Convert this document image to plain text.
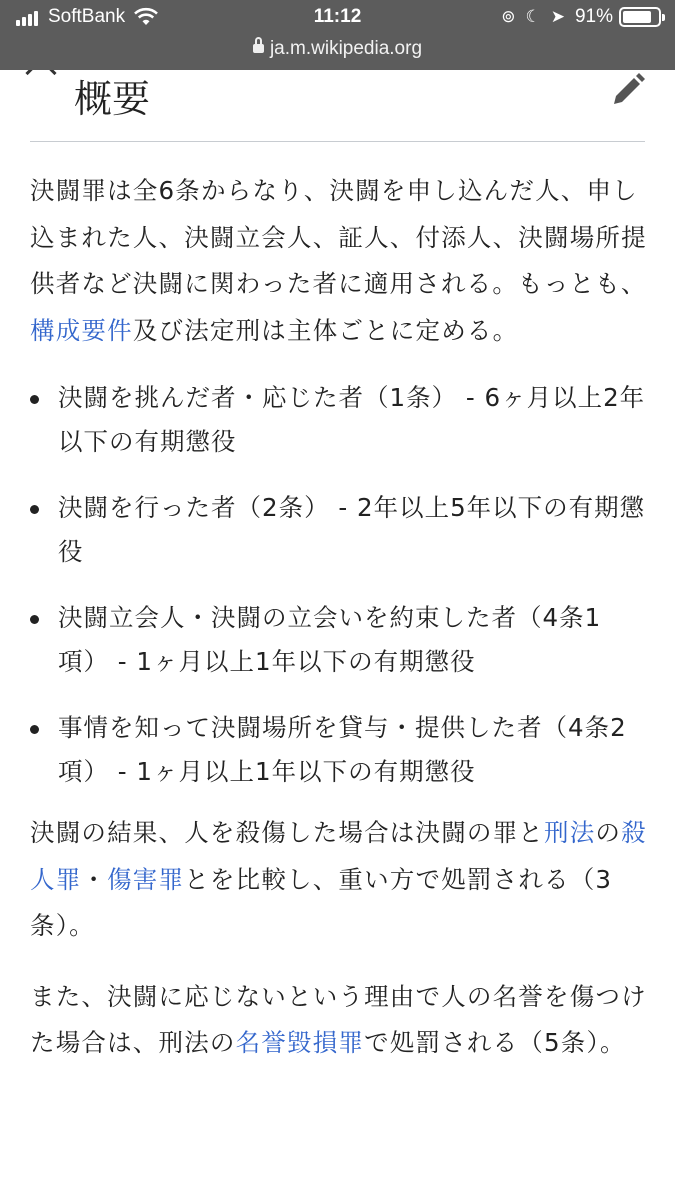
SoftBank	11:12	⊚ ☾ ➤ 91%
ja.m.wikipedia.org
概要

決闘罪は全6条からなり、決闘を申し込んだ人、申し込まれた人、決闘立会人、証人、付添人、決闘場所提供者など決闘に関わった者に適用される。もっとも、構成要件及び法定刑は主体ごとに定める。

決闘を挑んだ者・応じた者（1条） - 6ヶ月以上2年以下の有期懲役
決闘を行った者（2条） - 2年以上5年以下の有期懲役
決闘立会人・決闘の立会いを約束した者（4条1項） - 1ヶ月以上1年以下の有期懲役
事情を知って決闘場所を貸与・提供した者（4条2項） - 1ヶ月以上1年以下の有期懲役

決闘の結果、人を殺傷した場合は決闘の罪と刑法の殺人罪・傷害罪とを比較し、重い方で処罰される（3条）。

また、決闘に応じないという理由で人の名誉を傷つけた場合は、刑法の名誉毀損罪で処罰される（5条）。
